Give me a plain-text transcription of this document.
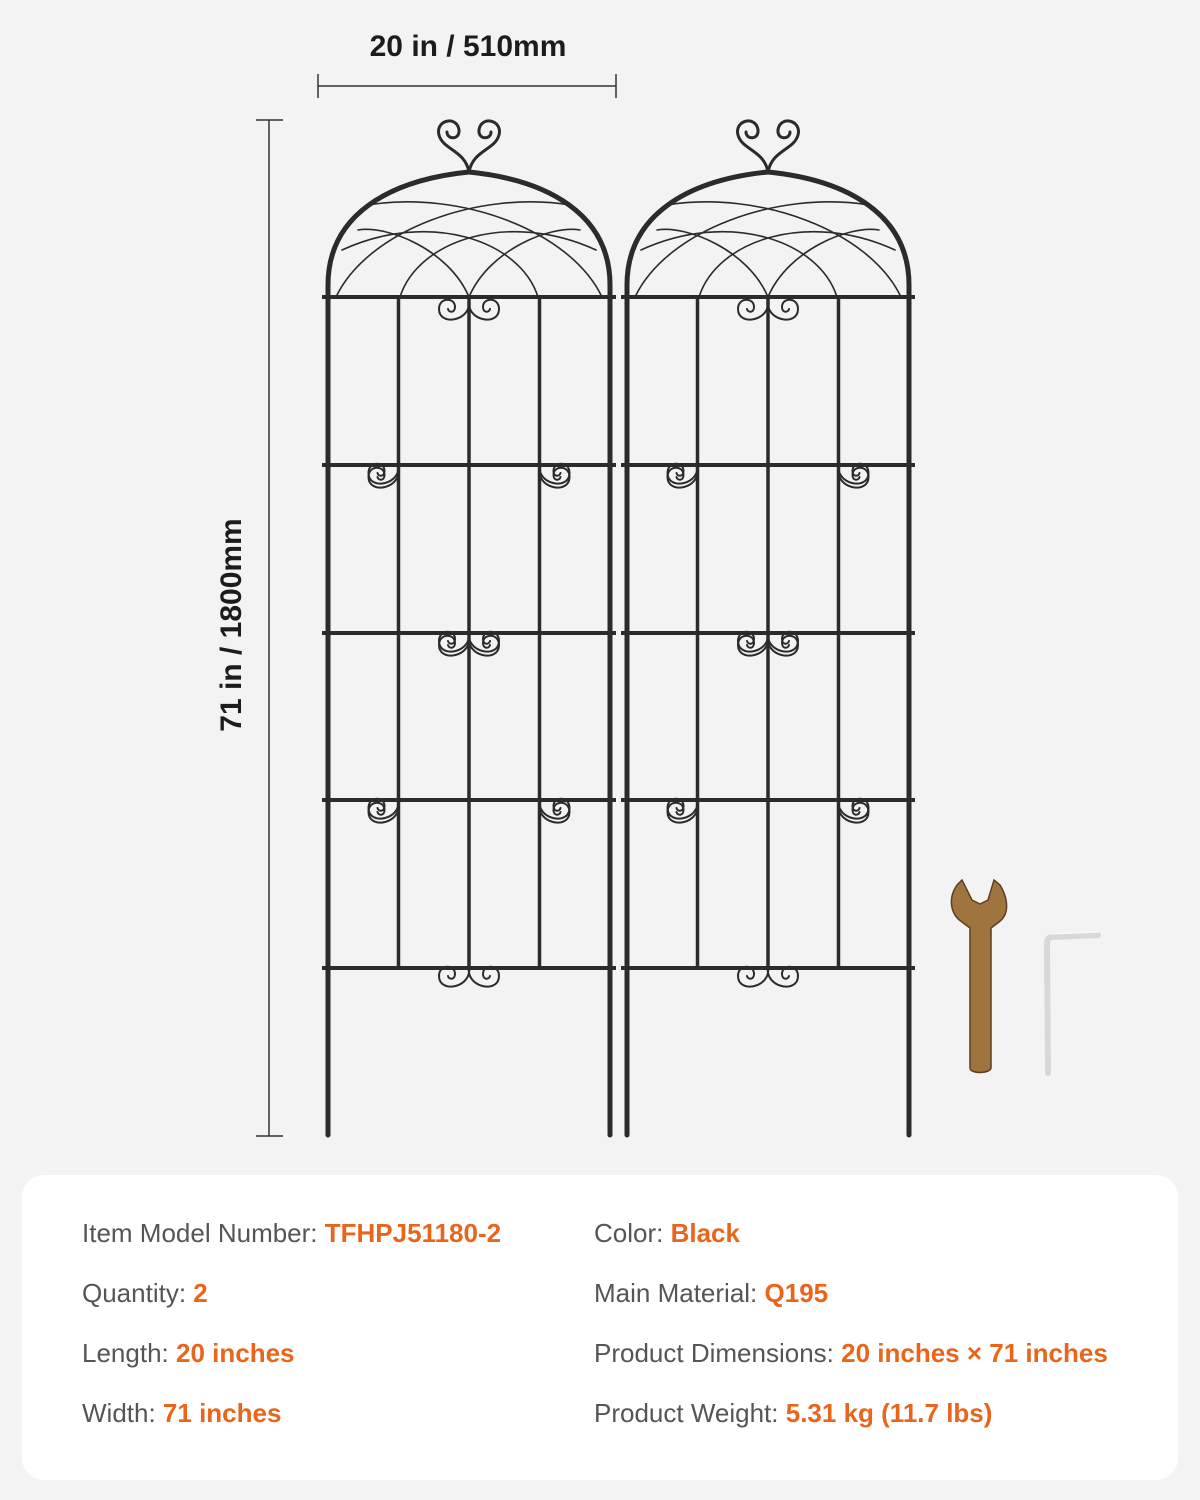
20 in / 510mm
71 in / 1800mm
Item Model Number: TFHPJ51180-2
Quantity: 2
Length: 20 inches
Width: 71 inches
Color: Black
Main Material: Q195
Product Dimensions: 20 inches × 71 inches
Product Weight: 5.31 kg (11.7 lbs)
